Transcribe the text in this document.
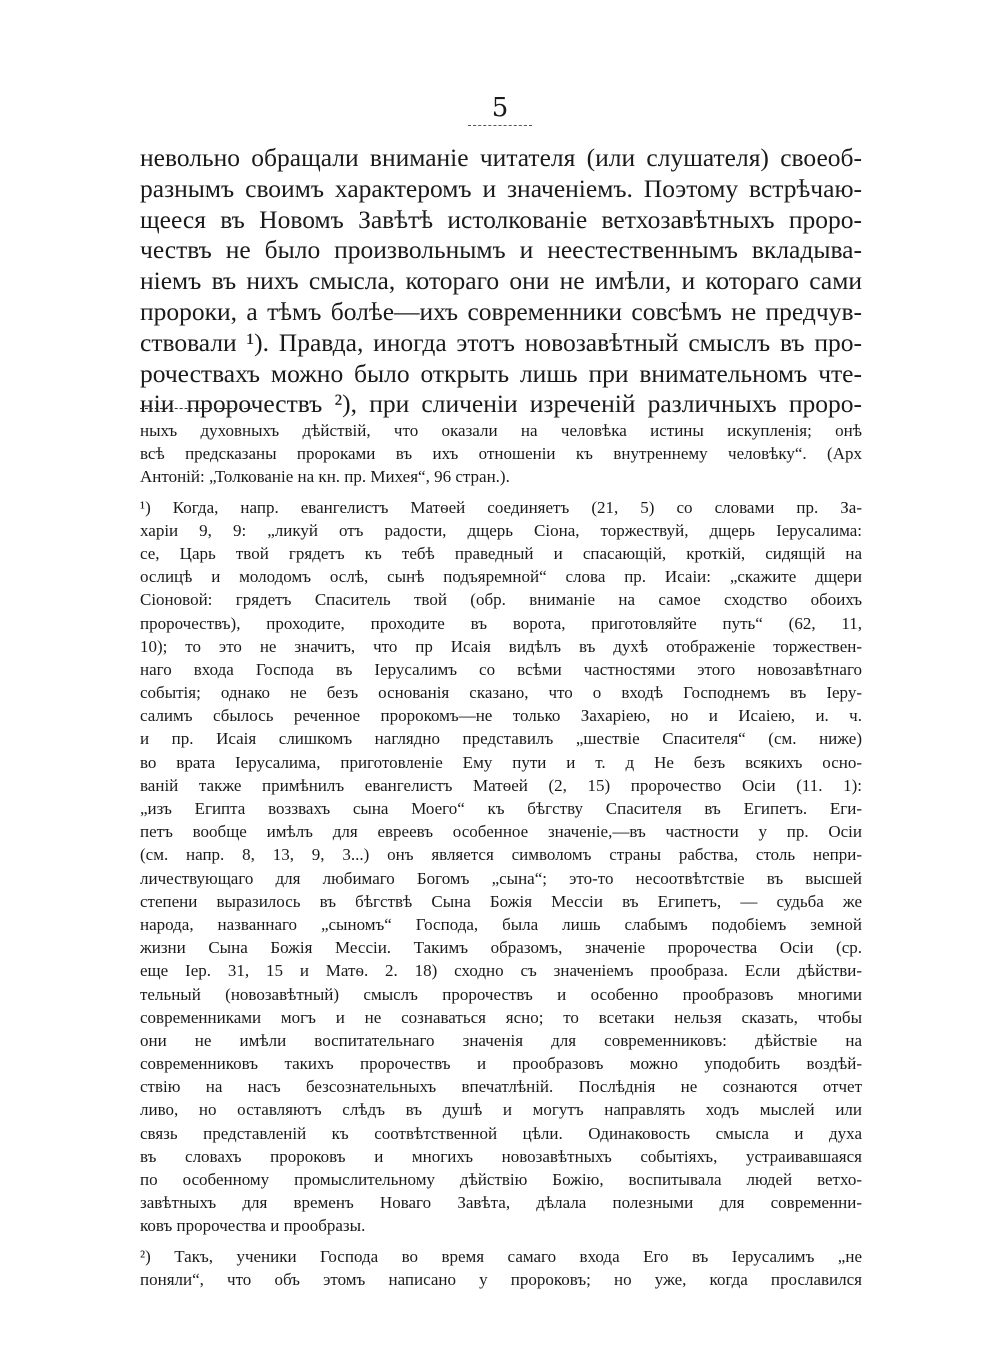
5
невольно обращали вниманіе читателя (или слушателя) своеоб-
разнымъ своимъ характеромъ и значеніемъ. Поэтому встрѣчаю-
щееся въ Новомъ Завѣтѣ истолкованіе ветхозавѣтныхъ проро-
чествъ не было произвольнымъ и неестественнымъ вкладыва-
ніемъ въ нихъ смысла, котораго они не имѣли, и котораго сами
пророки, а тѣмъ болѣе—ихъ современники совсѣмъ не предчув-
ствовали ¹). Правда, иногда этотъ новозавѣтный смыслъ въ про-
рочествахъ можно было открыть лишь при внимательномъ чте-
ніи пророчествъ ²), при сличеніи изреченій различныхъ проро-
ныхъ духовныхъ дѣйствій, что оказали на человѣка истины искупленія; онѣ
всѣ предсказаны пророками въ ихъ отношеніи къ внутреннему человѣку“. (Арх
Антоній: „Толкованіе на кн. пр. Михея“, 96 стран.).
¹) Когда, напр. евангелистъ Матѳей соединяетъ (21, 5) со словами пр. За-
харіи 9, 9: „ликуй отъ радости, дщерь Сіона, торжествуй, дщерь Іерусалима:
се, Царь твой грядетъ къ тебѣ праведный и спасающій, кроткій, сидящій на
ослицѣ и молодомъ ослѣ, сынѣ подъяремной“ слова пр. Исаіи: „скажите дщери
Сіоновой: грядетъ Спаситель твой (обр. вниманіе на самое сходство обоихъ
пророчествъ), проходите, проходите въ ворота, приготовляйте путь“ (62, 11,
10); то это не значитъ, что пр Исаія видѣлъ въ духѣ отображеніе торжествен-
наго входа Господа въ Іерусалимъ со всѣми частностями этого новозавѣтнаго
событія; однако не безъ основанія сказано, что о входѣ Господнемъ въ Іеру-
салимъ сбылось реченное пророкомъ—не только Захаріею, но и Исаіею, и. ч.
и пр. Исаія слишкомъ наглядно представилъ „шествіе Спасителя“ (см. ниже)
во врата Іерусалима, приготовленіе Ему пути и т. д Не безъ всякихъ осно-
ваній также примѣнилъ евангелистъ Матѳей (2, 15) пророчество Осіи (11. 1):
„изъ Египта воззвахъ сына Моего“ къ бѣгству Спасителя въ Египетъ. Еги-
петъ вообще имѣлъ для евреевъ особенное значеніе,—въ частности у пр. Осіи
(см. напр. 8, 13, 9, 3...) онъ является символомъ страны рабства, столь непри-
личествующаго для любимаго Богомъ „сына“; это-то несоотвѣтствіе въ высшей
степени выразилось въ бѣгствѣ Сына Божія Мессіи въ Египетъ, — судьба же
народа, названнаго „сыномъ“ Господа, была лишь слабымъ подобіемъ земной
жизни Сына Божія Мессіи. Такимъ образомъ, значеніе пророчества Осіи (ср.
еще Іер. 31, 15 и Матѳ. 2. 18) сходно съ значеніемъ прообраза. Если дѣйстви-
тельный (новозавѣтный) смыслъ пророчествъ и особенно прообразовъ многими
современниками могъ и не сознаваться ясно; то всетаки нельзя сказать, чтобы
они не имѣли воспитательнаго значенія для современниковъ: дѣйствіе на
современниковъ такихъ пророчествъ и прообразовъ можно уподобить воздѣй-
ствію на насъ безсознательныхъ впечатлѣній. Послѣднія не сознаются отчет
ливо, но оставляютъ слѣдъ въ душѣ и могутъ направлять ходъ мыслей или
связь представленій къ соотвѣтственной цѣли. Одинаковость смысла и духа
въ словахъ пророковъ и многихъ новозавѣтныхъ событіяхъ, устраивавшаяся
по особенному промыслительному дѣйствію Божію, воспитывала людей ветхо-
завѣтныхъ для временъ Новаго Завѣта, дѣлала полезными для современни-
ковъ пророчества и прообразы.
²) Такъ, ученики Господа во время самаго входа Его въ Іерусалимъ „не
поняли“, что объ этомъ написано у пророковъ; но уже, когда прославился
